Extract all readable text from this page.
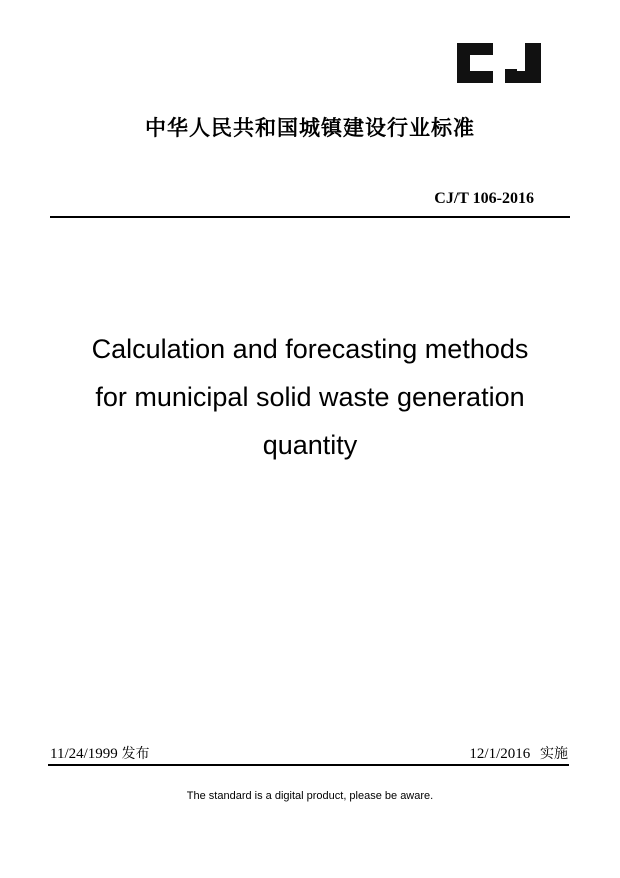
中华人民共和国城镇建设行业标准
CJ/T 106-2016
Calculation and forecasting methods
for municipal solid waste generation
quantity
11/24/1999 发布	12/1/2016 实施
The standard is a digital product, please be aware.
